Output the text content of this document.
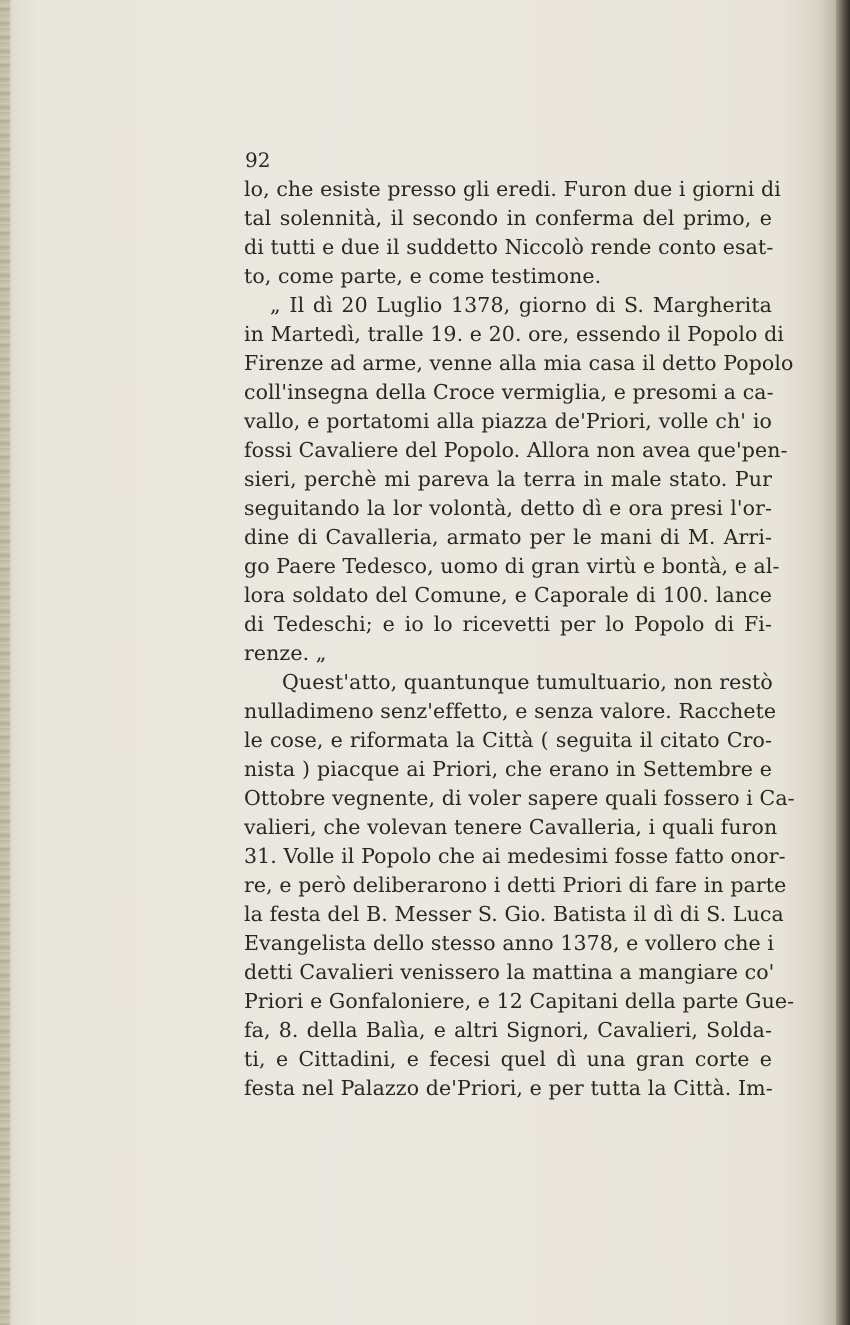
92
lo, che esiste presso gli eredi. Furon due i giorni di
tal solennità, il secondo in conferma del primo, e
di tutti e due il suddetto Niccolò rende conto esat-
to, come parte, e come testimone.
„ Il dì 20 Luglio 1378, giorno di S. Margherita
in Martedì, tralle 19. e 20. ore, essendo il Popolo di
Firenze ad arme, venne alla mia casa il detto Popolo
coll'insegna della Croce vermiglia, e presomi a ca-
vallo, e portatomi alla piazza de'Priori, volle ch' io
fossi Cavaliere del Popolo. Allora non avea que'pen-
sieri, perchè mi pareva la terra in male stato. Pur
seguitando la lor volontà, detto dì e ora presi l'or-
dine di Cavalleria, armato per le mani di M. Arri-
go Paere Tedesco, uomo di gran virtù e bontà, e al-
lora soldato del Comune, e Caporale di 100. lance
di Tedeschi; e io lo ricevetti per lo Popolo di Fi-
renze. „
Quest'atto, quantunque tumultuario, non restò
nulladimeno senz'effetto, e senza valore. Racchete
le cose, e riformata la Città ( seguita il citato Cro-
nista ) piacque ai Priori, che erano in Settembre e
Ottobre vegnente, di voler sapere quali fossero i Ca-
valieri, che volevan tenere Cavalleria, i quali furon
31. Volle il Popolo che ai medesimi fosse fatto onor-
re, e però deliberarono i detti Priori di fare in parte
la festa del B. Messer S. Gio. Batista il dì di S. Luca
Evangelista dello stesso anno 1378, e vollero che i
detti Cavalieri venissero la mattina a mangiare co'
Priori e Gonfaloniere, e 12 Capitani della parte Gue-
fa, 8. della Balìa, e altri Signori, Cavalieri, Solda-
ti, e Cittadini, e fecesi quel dì una gran corte e
festa nel Palazzo de'Priori, e per tutta la Città. Im-
